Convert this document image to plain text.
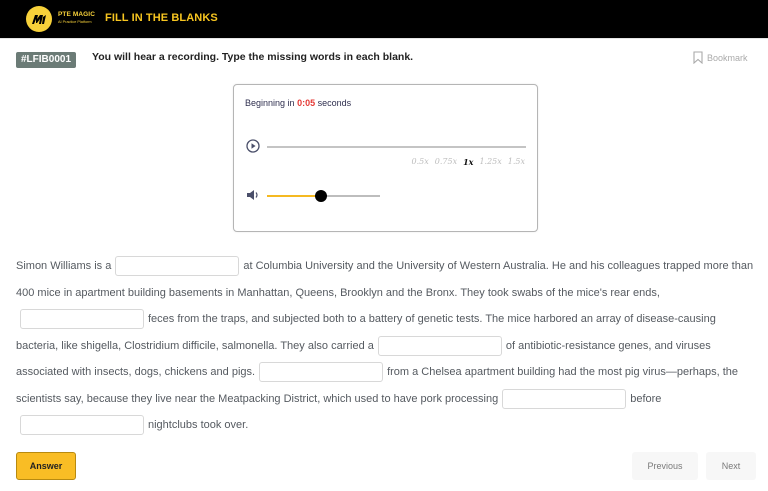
PTE MAGIC
AI Practice Platform FILL IN THE BLANKS
#LFIB0001	You will hear a recording. Type the missing words in each blank.	Bookmark
Beginning in 0:05 seconds
0.5x 0.75x 1x 1.25x 1.5x
Simon Williams is a	at Columbia University and the University of Western Australia. He and his colleagues trapped more than 400 mice in apartment building basements in Manhattan, Queens, Brooklyn and the Bronx. They took swabs of the mice's rear ends,feces from the traps, and subjected both to a battery of genetic tests. The mice harbored an array of disease-causing bacteria, like shigella, Clostridium difficile, salmonella. They also carried a	of antibiotic-resistance genes, and viruses associated with insects, dogs, chickens and pigs.	from a Chelsea apartment building had the most pig virus—perhaps, the scientists say, because they live near the Meatpacking District, which used to have pork processing	beforenightclubs took over.
Answer	Previous	Next
